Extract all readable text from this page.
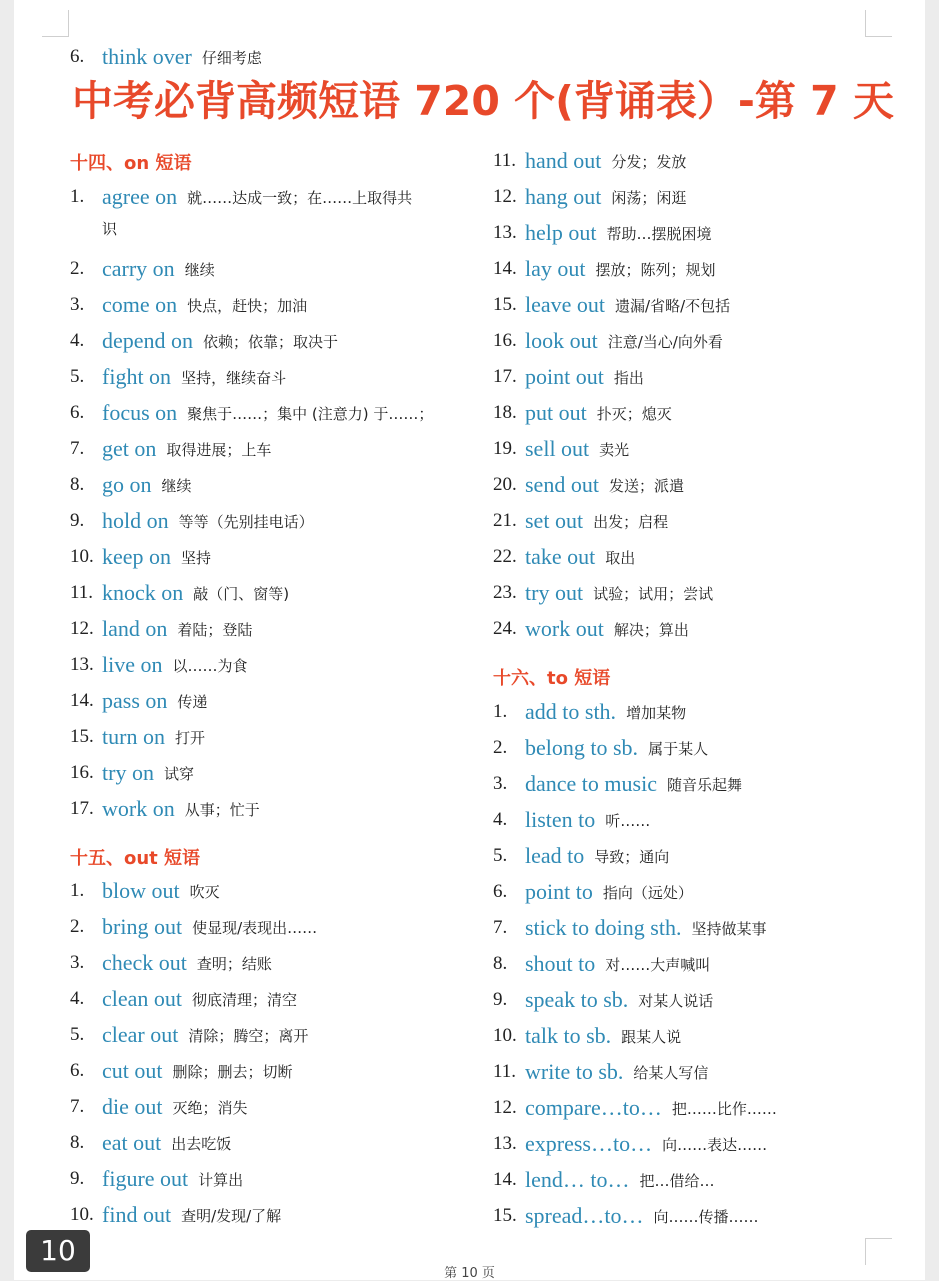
6. think over 仔细考虑
中考必背高频短语 720 个(背诵表）-第 7 天
十四、on 短语
1. agree on 就……达成一致；在……上取得共
识
2. carry on 继续
3. come on 快点，赶快；加油
4. depend on 依赖；依靠；取决于
5. fight on 坚持，继续奋斗
6. focus on 聚焦于……；集中 (注意力) 于……；
7. get on 取得进展；上车
8. go on 继续
9. hold on 等等（先别挂电话）
10. keep on 坚持
11. knock on 敲（门、窗等)
12. land on 着陆；登陆
13. live on 以……为食
14. pass on 传递
15. turn on 打开
16. try on 试穿
17. work on 从事；忙于
十五、out 短语
1. blow out 吹灭
2. bring out 使显现/表现出……
3. check out 查明；结账
4. clean out 彻底清理；清空
5. clear out 清除；腾空；离开
6. cut out 删除；删去；切断
7. die out 灭绝；消失
8. eat out 出去吃饭
9. figure out 计算出
10. find out 查明/发现/了解
11. hand out 分发；发放
12. hang out 闲荡；闲逛
13. help out 帮助…摆脱困境
14. lay out 摆放；陈列；规划
15. leave out 遗漏/省略/不包括
16. look out 注意/当心/向外看
17. point out 指出
18. put out 扑灭；熄灭
19. sell out 卖光
20. send out 发送；派遣
21. set out 出发；启程
22. take out 取出
23. try out 试验；试用；尝试
24. work out 解决；算出
十六、to 短语
1. add to sth. 增加某物
2. belong to sb. 属于某人
3. dance to music 随音乐起舞
4. listen to 听……
5. lead to 导致；通向
6. point to 指向（远处）
7. stick to doing sth. 坚持做某事
8. shout to 对……大声喊叫
9. speak to sb. 对某人说话
10. talk to sb. 跟某人说
11. write to sb. 给某人写信
12. compare…to… 把……比作……
13. express…to… 向……表达……
14. lend… to… 把…借给…
15. spread…to… 向……传播……
10
第 10 页
